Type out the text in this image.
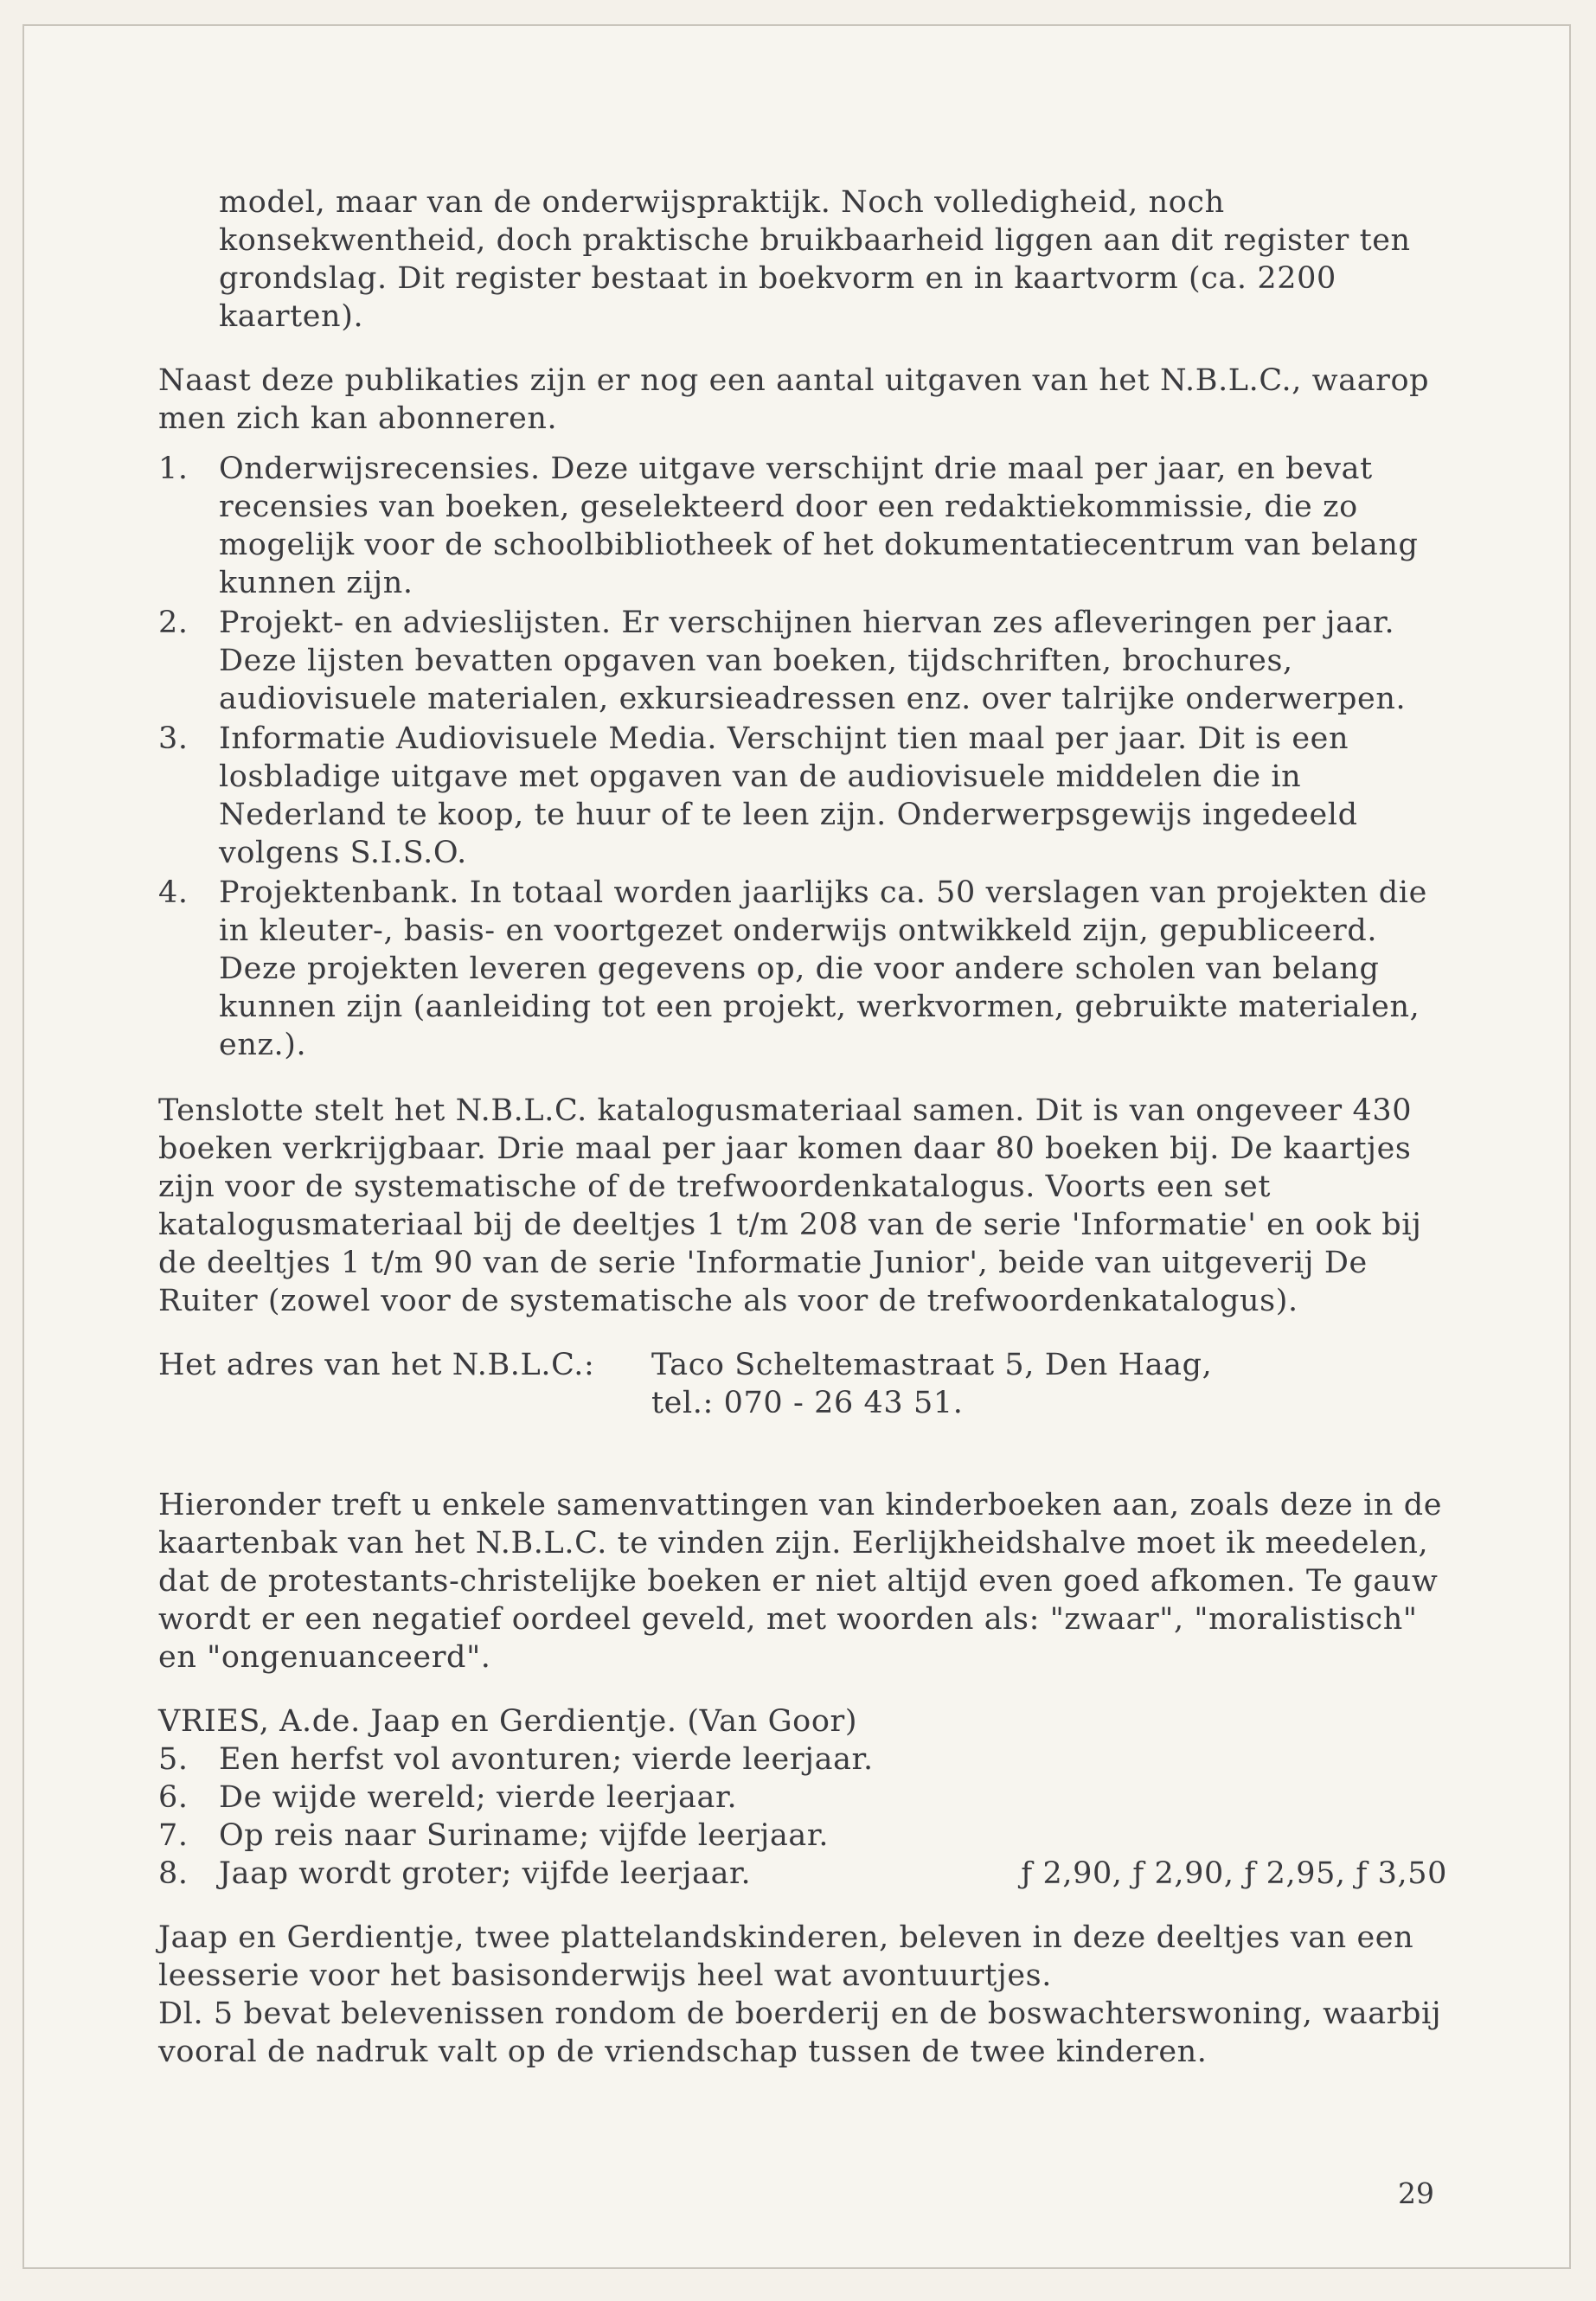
model, maar van de onderwijspraktijk. Noch volledigheid, noch konsekwentheid, doch praktische bruikbaarheid liggen aan dit register ten grondslag. Dit register bestaat in boekvorm en in kaartvorm (ca. 2200 kaarten).

Naast deze publikaties zijn er nog een aantal uitgaven van het N.B.L.C., waarop men zich kan abonneren.

1.	Onderwijsrecensies. Deze uitgave verschijnt drie maal per jaar, en bevat recensies van boeken, geselekteerd door een redaktiekommissie, die zo mogelijk voor de schoolbibliotheek of het dokumentatiecentrum van belang kunnen zijn.
2.	Projekt- en advieslijsten. Er verschijnen hiervan zes afleveringen per jaar. Deze lijsten bevatten opgaven van boeken, tijdschriften, brochures, audiovisuele materialen, exkursieadressen enz. over talrijke onderwerpen.
3.	Informatie Audiovisuele Media. Verschijnt tien maal per jaar. Dit is een losbladige uitgave met opgaven van de audiovisuele middelen die in Nederland te koop, te huur of te leen zijn. Onderwerpsgewijs ingedeeld volgens S.I.S.O.
4.	Projektenbank. In totaal worden jaarlijks ca. 50 verslagen van projekten die in kleuter-, basis- en voortgezet onderwijs ontwikkeld zijn, gepubliceerd. Deze projekten leveren gegevens op, die voor andere scholen van belang kunnen zijn (aanleiding tot een projekt, werkvormen, gebruikte materialen, enz.).

Tenslotte stelt het N.B.L.C. katalogusmateriaal samen. Dit is van ongeveer 430 boeken verkrijgbaar. Drie maal per jaar komen daar 80 boeken bij. De kaartjes zijn voor de systematische of de trefwoordenkatalogus. Voorts een set katalogusmateriaal bij de deeltjes 1 t/m 208 van de serie 'Informatie' en ook bij de deeltjes 1 t/m 90 van de serie 'Informatie Junior', beide van uitgeverij De Ruiter (zowel voor de systematische als voor de trefwoordenkatalogus).

Het adres van het N.B.L.C.:	Taco Scheltemastraat 5, Den Haag,
tel.: 070 - 26 43 51.

Hieronder treft u enkele samenvattingen van kinderboeken aan, zoals deze in de kaartenbak van het N.B.L.C. te vinden zijn. Eerlijkheidshalve moet ik meedelen, dat de protestants-christelijke boeken er niet altijd even goed afkomen. Te gauw wordt er een negatief oordeel geveld, met woorden als: "zwaar", "moralistisch" en "ongenuanceerd".

VRIES, A.de. Jaap en Gerdientje. (Van Goor)

5.	Een herfst vol avonturen; vierde leerjaar.
6.	De wijde wereld; vierde leerjaar.
7.	Op reis naar Suriname; vijfde leerjaar.
8.	Jaap wordt groter; vijfde leerjaar.	ƒ 2,90, ƒ 2,90, ƒ 2,95, ƒ 3,50

Jaap en Gerdientje, twee plattelandskinderen, beleven in deze deeltjes van een leesserie voor het basisonderwijs heel wat avontuurtjes.

Dl. 5 bevat belevenissen rondom de boerderij en de boswachterswoning, waarbij vooral de nadruk valt op de vriendschap tussen de twee kinderen.

29
